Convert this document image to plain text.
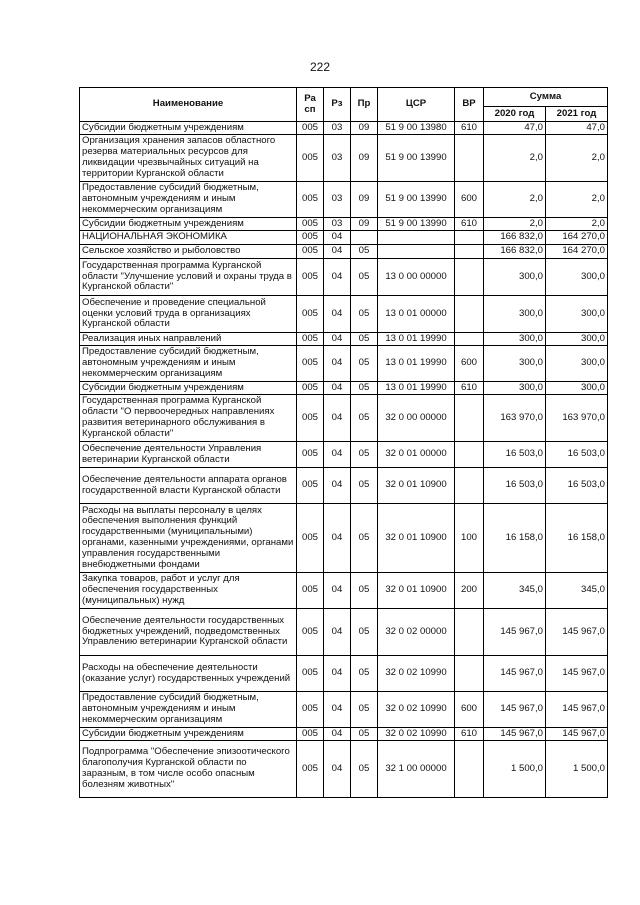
222
Наименование	Ра сп	Рз	Пр	ЦСР	ВР	Сумма	
						2020 год	2021 год
Субсидии бюджетным учреждениям	005	03	09	51 9 00 13980	610	47,0	47,0
Организация хранения запасов областного резерва материальных ресурсов для ликвидации чрезвычайных ситуаций на территории Курганской области	005	03	09	51 9 00 13990		2,0	2,0
Предоставление субсидий бюджетным, автономным учреждениям и иным некоммерческим организациям	005	03	09	51 9 00 13990	600	2,0	2,0
Субсидии бюджетным учреждениям	005	03	09	51 9 00 13990	610	2,0	2,0
НАЦИОНАЛЬНАЯ ЭКОНОМИКА	005	04				166 832,0	164 270,0
Сельское хозяйство и рыболовство	005	04	05			166 832,0	164 270,0
Государственная программа Курганской области "Улучшение условий и охраны труда в Курганской области"	005	04	05	13 0 00 00000		300,0	300,0
Обеспечение и проведение специальной оценки условий труда в организациях Курганской области	005	04	05	13 0 01 00000		300,0	300,0
Реализация иных направлений	005	04	05	13 0 01 19990		300,0	300,0
Предоставление субсидий бюджетным, автономным учреждениям и иным некоммерческим организациям	005	04	05	13 0 01 19990	600	300,0	300,0
Субсидии бюджетным учреждениям	005	04	05	13 0 01 19990	610	300,0	300,0
Государственная программа Курганской области "О первоочередных направлениях развития ветеринарного обслуживания в Курганской области"	005	04	05	32 0 00 00000		163 970,0	163 970,0
Обеспечение деятельности Управления ветеринарии Курганской области	005	04	05	32 0 01 00000		16 503,0	16 503,0
Обеспечение деятельности аппарата органов государственной власти Курганской области	005	04	05	32 0 01 10900		16 503,0	16 503,0
Расходы на выплаты персоналу в целях обеспечения выполнения функций государственными (муниципальными) органами, казенными учреждениями, органами управления государственными внебюджетными фондами	005	04	05	32 0 01 10900	100	16 158,0	16 158,0
Закупка товаров, работ и услуг для обеспечения государственных (муниципальных) нужд	005	04	05	32 0 01 10900	200	345,0	345,0
Обеспечение деятельности государственных бюджетных учреждений, подведомственных Управлению ветеринарии Курганской области	005	04	05	32 0 02 00000		145 967,0	145 967,0
Расходы на обеспечение деятельности (оказание услуг) государственных учреждений	005	04	05	32 0 02 10990		145 967,0	145 967,0
Предоставление субсидий бюджетным, автономным учреждениям и иным некоммерческим организациям	005	04	05	32 0 02 10990	600	145 967,0	145 967,0
Субсидии бюджетным учреждениям	005	04	05	32 0 02 10990	610	145 967,0	145 967,0
Подпрограмма "Обеспечение эпизоотического благополучия Курганской области по заразным, в том числе особо опасным болезням животных"	005	04	05	32 1 00 00000		1 500,0	1 500,0
